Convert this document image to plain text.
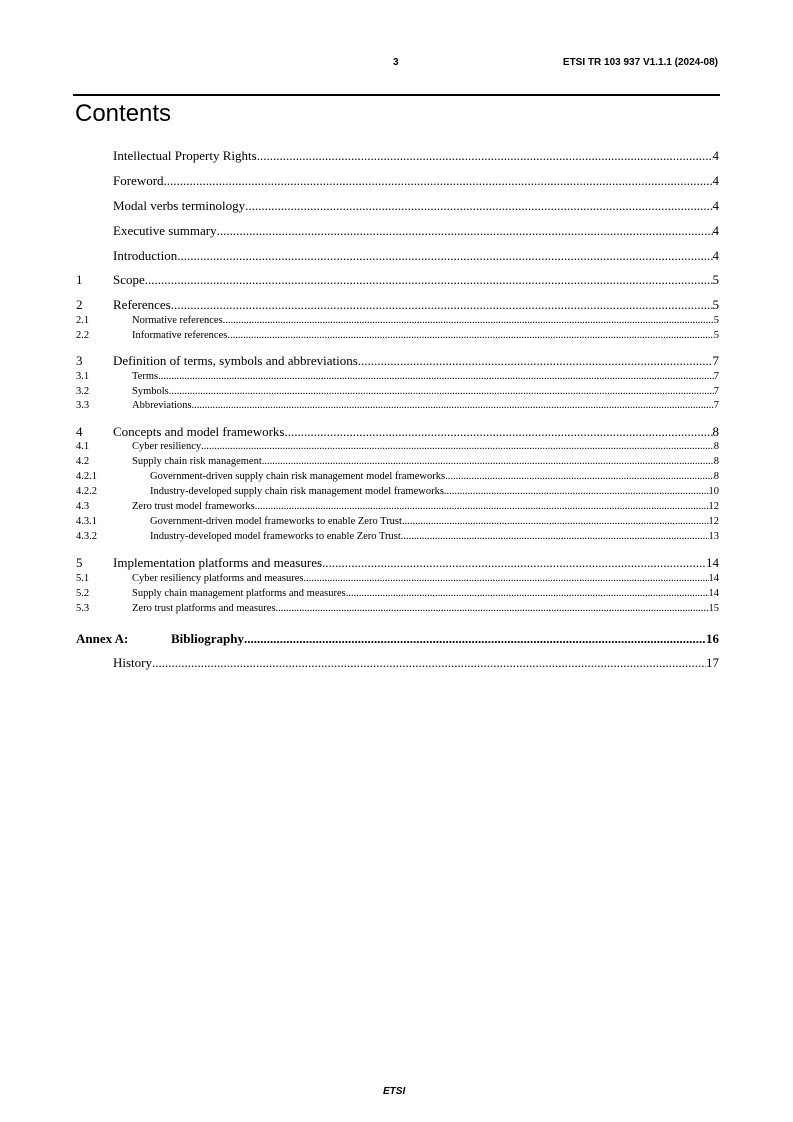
3	ETSI TR 103 937 V1.1.1 (2024-08)
Contents
Intellectual Property Rights .....	4
Foreword .....	4
Modal verbs terminology .....	4
Executive summary .....	4
Introduction .....	4
1	Scope .....	5
2	References .....	5
2.1	Normative references .....	5
2.2	Informative references .....	5
3	Definition of terms, symbols and abbreviations .....	7
3.1	Terms .....	7
3.2	Symbols .....	7
3.3	Abbreviations .....	7
4	Concepts and model frameworks .....	8
4.1	Cyber resiliency .....	8
4.2	Supply chain risk management .....	8
4.2.1	Government-driven supply chain risk management model frameworks .....	8
4.2.2	Industry-developed supply chain risk management model frameworks .....	10
4.3	Zero trust model frameworks .....	12
4.3.1	Government-driven model frameworks to enable Zero Trust .....	12
4.3.2	Industry-developed model frameworks to enable Zero Trust .....	13
5	Implementation platforms and measures .....	14
5.1	Cyber resiliency platforms and measures .....	14
5.2	Supply chain management platforms and measures .....	14
5.3	Zero trust platforms and measures .....	15
Annex A:	Bibliography .....	16
History .....	17
ETSI
